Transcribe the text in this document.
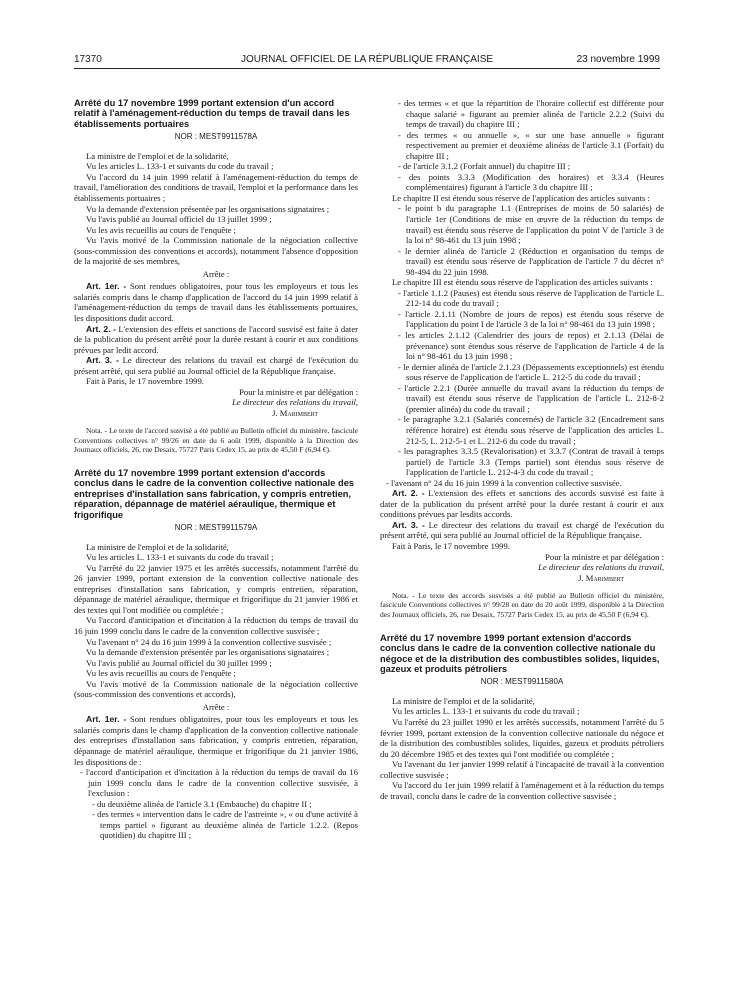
17370	JOURNAL OFFICIEL DE LA RÉPUBLIQUE FRANÇAISE	23 novembre 1999
Arrêté du 17 novembre 1999 portant extension d'un accord relatif à l'aménagement-réduction du temps de travail dans les établissements portuaires
NOR : MEST9911578A
La ministre de l'emploi et de la solidarité,
Vu les articles L. 133-1 et suivants du code du travail ;
Vu l'accord du 14 juin 1999 relatif à l'aménagement-réduction du temps de travail, l'amélioration des conditions de travail, l'emploi et la performance dans les établissements portuaires ;
Vu la demande d'extension présentée par les organisations signataires ;
Vu l'avis publié au Journal officiel du 13 juillet 1999 ;
Vu les avis recueillis au cours de l'enquête ;
Vu l'avis motivé de la Commission nationale de la négociation collective (sous-commission des conventions et accords), notamment l'absence d'opposition de la majorité de ses membres,
Arrête :
Art. 1er. - Sont rendues obligatoires, pour tous les employeurs et tous les salariés compris dans le champ d'application de l'accord du 14 juin 1999 relatif à l'aménagement-réduction du temps de travail dans les établissements portuaires, les dispositions dudit accord.
Art. 2. - L'extension des effets et sanctions de l'accord susvisé est faite à dater de la publication du présent arrêté pour la durée restant à courir et aux conditions prévues par ledit accord.
Art. 3. - Le directeur des relations du travail est chargé de l'exécution du présent arrêté, qui sera publié au Journal officiel de la République française.
Fait à Paris, le 17 novembre 1999.
Pour la ministre et par délégation :
Le directeur des relations du travail,
J. Marimbert
Nota. - Le texte de l'accord susvisé a été publié au Bulletin officiel du ministère, fascicule Conventions collectives n° 99/26 en date du 6 août 1999, disponible à la Direction des Journaux officiels, 26, rue Desaix, 75727 Paris Cedex 15, au prix de 45,50 F (6,94 €).
Arrêté du 17 novembre 1999 portant extension d'accords conclus dans le cadre de la convention collective nationale des entreprises d'installation sans fabrication, y compris entretien, réparation, dépannage de matériel aéraulique, thermique et frigorifique
NOR : MEST9911579A
La ministre de l'emploi et de la solidarité,
Vu les articles L. 133-1 et suivants du code du travail ;
Vu l'arrêté du 22 janvier 1975 et les arrêtés successifs, notamment l'arrêté du 26 janvier 1999, portant extension de la convention collective nationale des entreprises d'installation sans fabrication, y compris entretien, réparation, dépannage de matériel aéraulique, thermique et frigorifique du 21 janvier 1986 et des textes qui l'ont modifiée ou complétée ;
Vu l'accord d'anticipation et d'incitation à la réduction du temps de travail du 16 juin 1999 conclu dans le cadre de la convention collective susvisée ;
Vu l'avenant n° 24 du 16 juin 1999 à la convention collective susvisée ;
Vu la demande d'extension présentée par les organisations signataires ;
Vu l'avis publié au Journal officiel du 30 juillet 1999 ;
Vu les avis recueillis au cours de l'enquête ;
Vu l'avis motivé de la Commission nationale de la négociation collective (sous-commission des conventions et accords),
Arrête :
Art. 1er. - Sont rendues obligatoires, pour tous les employeurs et tous les salariés compris dans le champ d'application de la convention collective nationale des entreprises d'installation sans fabrication, y compris entretien, réparation, dépannage de matériel aéraulique, thermique et frigorifique du 21 janvier 1986, les dispositions de :
- l'accord d'anticipation et d'incitation à la réduction du temps de travail du 16 juin 1999 conclu dans le cadre de la convention collective susvisée, à l'exclusion :
- du deuxième alinéa de l'article 3.1 (Embauche) du chapitre II ;
- des termes « intervention dans le cadre de l'astreinte », « ou d'une activité à temps partiel » figurant au deuxième alinéa de l'article 1.2.2. (Repos quotidien) du chapitre III ;
- des termes « et que la répartition de l'horaire collectif est différente pour chaque salarié » figurant au premier alinéa de l'article 2.2.2 (Suivi du temps de travail) du chapitre III ;
- des termes « ou annuelle », « sur une base annuelle » figurant respectivement au premier et deuxième alinéas de l'article 3.1 (Forfait) du chapitre III ;
- de l'article 3.1.2 (Forfait annuel) du chapitre III ;
- des points 3.3.3 (Modification des horaires) et 3.3.4 (Heures complémentaires) figurant à l'article 3 du chapitre III ;
Le chapitre II est étendu sous réserve de l'application des articles suivants :
- le point b du paragraphe 1.1 (Entreprises de moins de 50 salariés) de l'article 1er (Conditions de mise en œuvre de la réduction du temps de travail) est étendu sous réserve de l'application du point V de l'article 3 de la loi n° 98-461 du 13 juin 1998 ;
- le dernier alinéa de l'article 2 (Réduction et organisation du temps de travail) est étendu sous réserve de l'application de l'article 7 du décret n° 98-494 du 22 juin 1998.
Le chapitre III est étendu sous réserve de l'application des articles suivants :
- l'article 1.1.2 (Pauses) est étendu sous réserve de l'application de l'article L. 212-14 du code du travail ;
- l'article 2.1.11 (Nombre de jours de repos) est étendu sous réserve de l'application du point I de l'article 3 de la loi n° 98-461 du 13 juin 1998 ;
- les articles 2.1.12 (Calendrier des jours de repos) et 2.1.13 (Délai de prévenance) sont étendus sous réserve de l'application de l'article 4 de la loi n° 98-461 du 13 juin 1998 ;
- le dernier alinéa de l'article 2.1.23 (Dépassements exceptionnels) est étendu sous réserve de l'application de l'article L. 212-5 du code du travail ;
- l'article 2.2.1 (Durée annuelle du travail avant la réduction du temps de travail) est étendu sous réserve de l'application de l'article L. 212-8-2 (premier alinéa) du code du travail ;
- le paragraphe 3.2.1 (Salariés concernés) de l'article 3.2 (Encadrement sans référence horaire) est étendu sous réserve de l'application des articles L. 212-5, L. 212-5-1 et L. 212-6 du code du travail ;
- les paragraphes 3.3.5 (Revalorisation) et 3.3.7 (Contrat de travail à temps partiel) de l'article 3.3 (Temps partiel) sont étendus sous réserve de l'application de l'article L. 212-4-3 du code du travail ;
- l'avenant n° 24 du 16 juin 1999 à la convention collective susvisée.
Art. 2. - L'extension des effets et sanctions des accords susvisé est faite à dater de la publication du présent arrêté pour la durée restant à courir et aux conditions prévues par lesdits accords.
Art. 3. - Le directeur des relations du travail est chargé de l'exécution du présent arrêté, qui sera publié au Journal officiel de la République française.
Fait à Paris, le 17 novembre 1999.
Pour la ministre et par délégation :
Le directeur des relations du travail,
J. Marimbert
Nota. - Le texte des accords susvisés a été publié au Bulletin officiel du ministère, fascicule Conventions collectives n° 99/28 en date du 20 août 1999, disponible à la Direction des Journaux officiels, 26, rue Desaix, 75727 Paris Cedex 15, au prix de 45,50 F (6,94 €).
Arrêté du 17 novembre 1999 portant extension d'accords conclus dans le cadre de la convention collective nationale du négoce et de la distribution des combustibles solides, liquides, gazeux et produits pétroliers
NOR : MEST9911580A
La ministre de l'emploi et de la solidarité,
Vu les articles L. 133-1 et suivants du code du travail ;
Vu l'arrêté du 23 juillet 1990 et les arrêtés successifs, notamment l'arrêté du 5 février 1999, portant extension de la convention collective nationale du négoce et de la distribution des combustibles solides, liquides, gazeux et produits pétroliers du 20 décembre 1985 et des textes qui l'ont modifiée ou complétée ;
Vu l'avenant du 1er janvier 1999 relatif à l'incapacité de travail à la convention collective susvisée ;
Vu l'accord du 1er juin 1999 relatif à l'aménagement et à la réduction du temps de travail, conclu dans le cadre de la convention collective susvisée ;
